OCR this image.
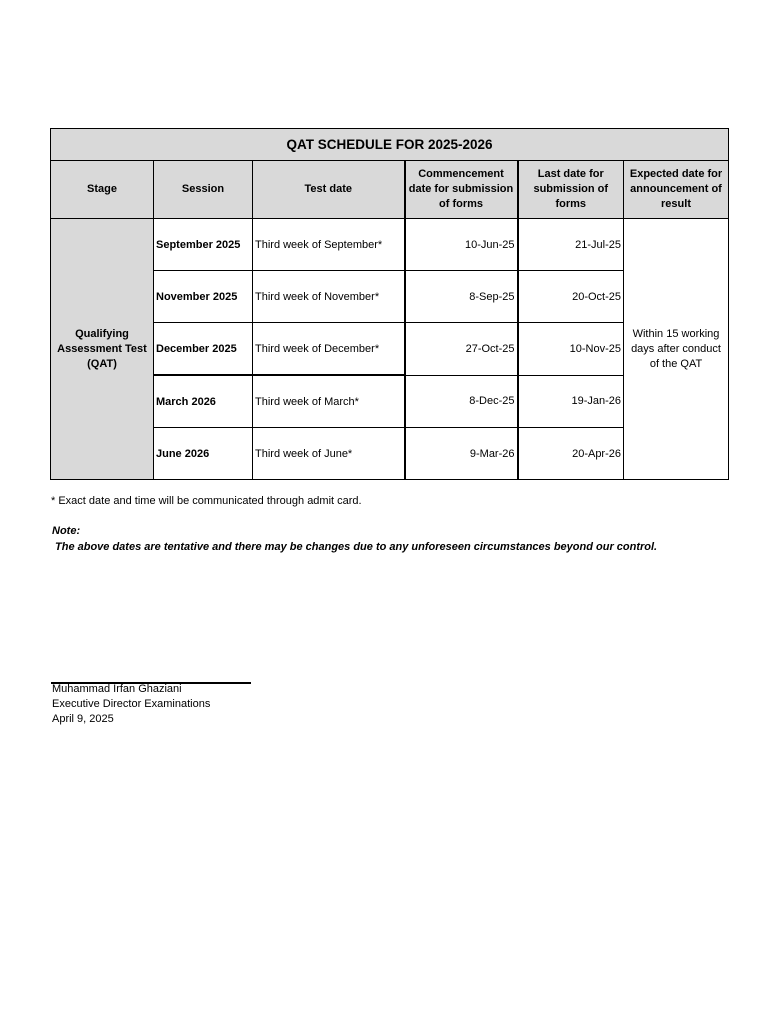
QAT SCHEDULE FOR 2025-2026					
Stage	Session	Test date	Commencement date for submission of forms	Last date for submission of forms	Expected date for announcement of result
Qualifying Assessment Test (QAT)	September 2025	Third week of September*	10-Jun-25	21-Jul-25	Within 15 working days after conduct of the QAT
	November 2025	Third week of November*	8-Sep-25	20-Oct-25	
	December 2025	Third week of December*	27-Oct-25	10-Nov-25	
	March 2026	Third week of March*	8-Dec-25	19-Jan-26	
	June 2026	Third week of June*	9-Mar-26	20-Apr-26	
* Exact date and time will be communicated through admit card.
Note:
The above dates are tentative and there may be changes due to any unforeseen circumstances beyond our control.
Muhammad Irfan Ghaziani
Executive Director Examinations
April 9, 2025
